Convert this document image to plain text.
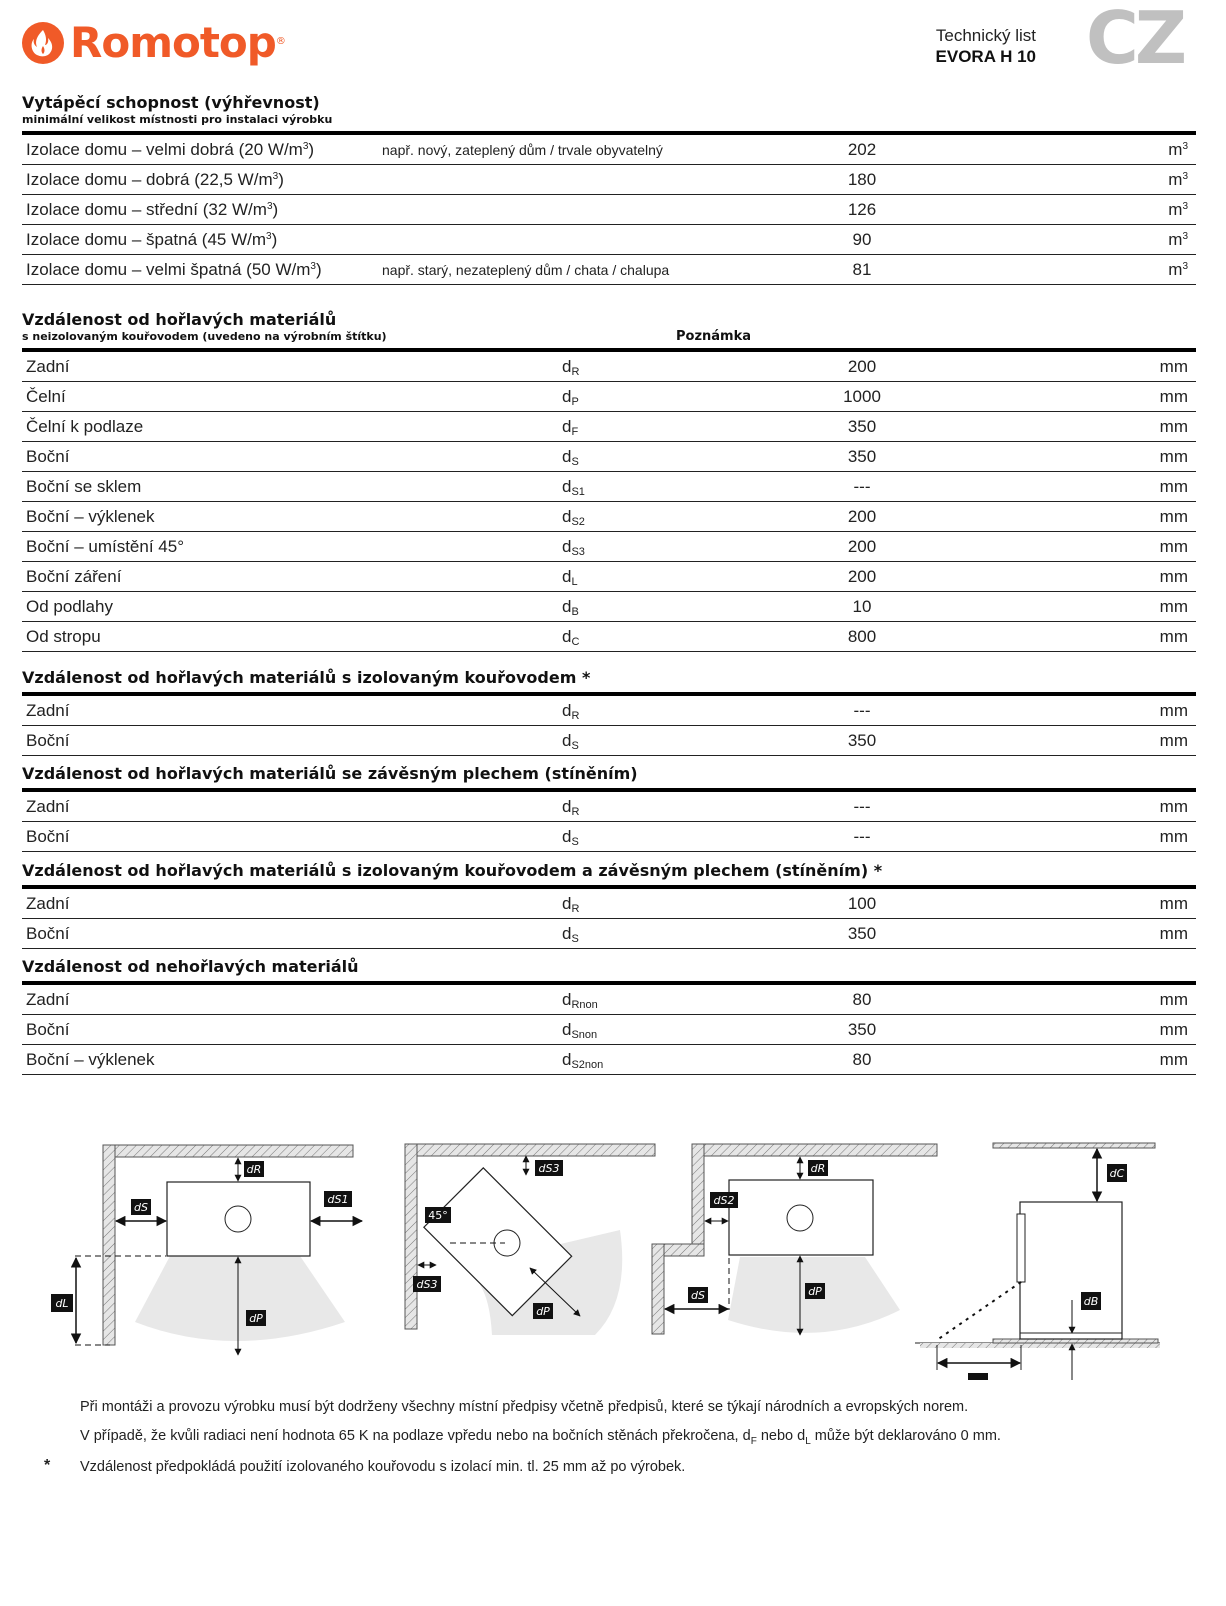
Romotop ®	Technický list
EVORA H 10 CZ
Vytápěcí schopnost (výhřevnost)
minimální velikost místnosti pro instalaci výrobku
Izolace domu – velmi dobrá (20 $W/m^3$)	např. nový, zateplený dům / trvale obyvatelný	202	$m^3$
Izolace domu – dobrá (22,5 $W/m^3$)	180	$m^3$
Izolace domu – střední (32 $W/m^3$)	126	$m^3$
Izolace domu – špatná (45 $W/m^3$)	90	$m^3$
Izolace domu – velmi špatná (50 $W/m^3$)	např. starý, nezateplený dům / chata / chalupa	81	$m^3$
Vzdálenost od hořlavých materiálů
s neizolovaným kouřovodem (uvedeno na výrobním štítku)	Poznámka
Zadní	$d_R$	200	mm
Čelní	$d_P$	1000	mm
Čelní k podlaze	$d_F$	350	mm
Boční	$d_S$	350	mm
Boční se sklem	$d_{S1}$	---	mm
Boční – výklenek	$d_{S2}$	200	mm
Boční – umístění 45°	$d_{S3}$	200	mm
Boční záření	$d_L$	200	mm
Od podlahy	$d_B$	10	mm
Od stropu	$d_C$	800	mm
Vzdálenost od hořlavých materiálů s izolovaným kouřovodem *
Zadní	$d_R$	---	mm
Boční	$d_S$	350	mm
Vzdálenost od hořlavých materiálů se závěsným plechem (stíněním)
Zadní	$d_R$	---	mm
Boční	$d_S$	---	mm
Vzdálenost od hořlavých materiálů s izolovaným kouřovodem a závěsným plechem (stíněním) *
Zadní	$d_R$	100	mm
Boční	$d_S$	350	mm
Vzdálenost od nehořlavých materiálů
Zadní	$d_{Rnon}$	80	mm
Boční	$d_{Snon}$	350	mm
Boční – výklenek	$d_{S2non}$	80	mm
dR
dS
dS1
dL
dP
dS3
dS3
45°
dP
dR
dS2
dS	dP
dC
dB

Při montáži a provozu výrobku musí být dodrženy všechny místní předpisy včetně předpisů, které se týkají národních a evropských norem.

V případě, že kvůli radiaci není hodnota 65 K na podlaze vpředu nebo na bočních stěnách překročena, $d_F$ nebo $d_L$ může být deklarováno 0 mm.

* Vzdálenost předpokládá použití izolovaného kouřovodu s izolací min. tl. 25 mm až po výrobek.
